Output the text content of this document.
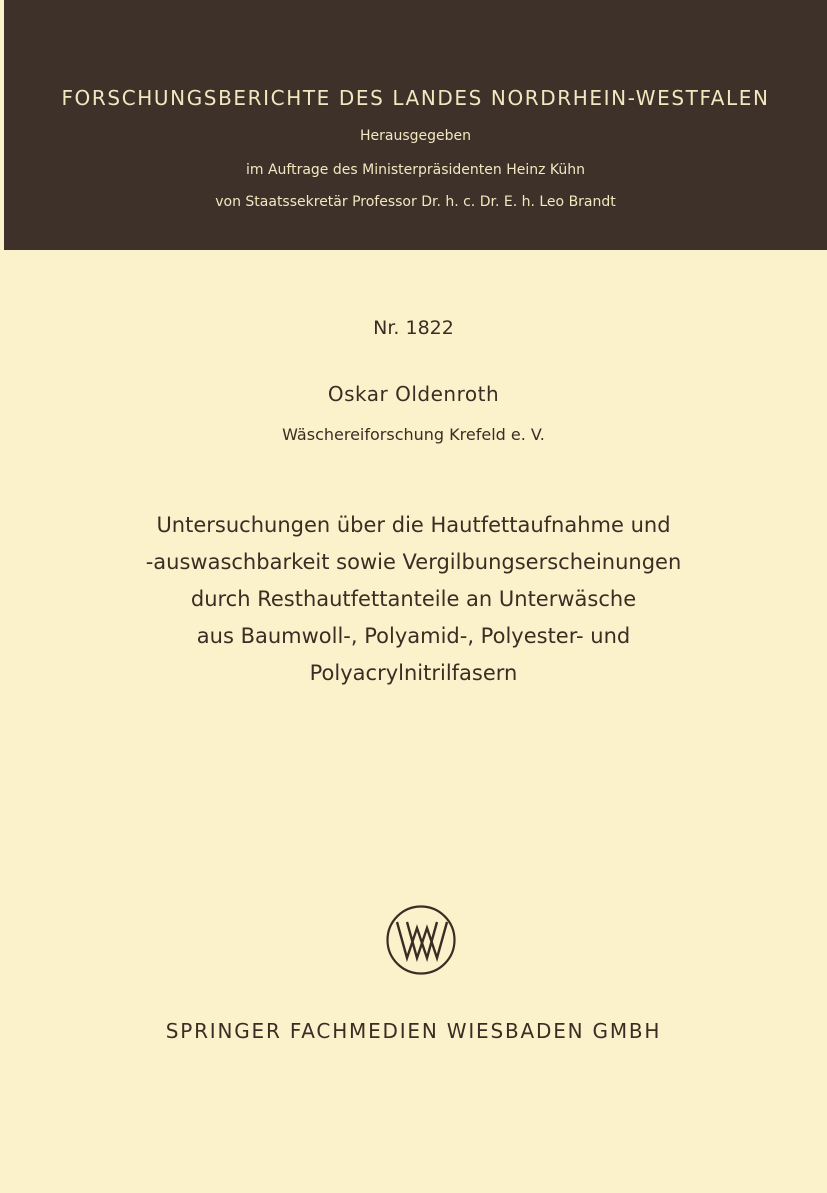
FORSCHUNGSBERICHTE DES LANDES NORDRHEIN-WESTFALEN
Herausgegeben
im Auftrage des Ministerpräsidenten Heinz Kühn
von Staatssekretär Professor Dr. h. c. Dr. E. h. Leo Brandt
Nr. 1822
Oskar Oldenroth
Wäschereiforschung Krefeld e. V.
Untersuchungen über die Hautfettaufnahme und
-auswaschbarkeit sowie Vergilbungserscheinungen
durch Resthautfettanteile an Unterwäsche
aus Baumwoll-, Polyamid-, Polyester- und
Polyacrylnitrilfasern
SPRINGER FACHMEDIEN WIESBADEN GMBH
